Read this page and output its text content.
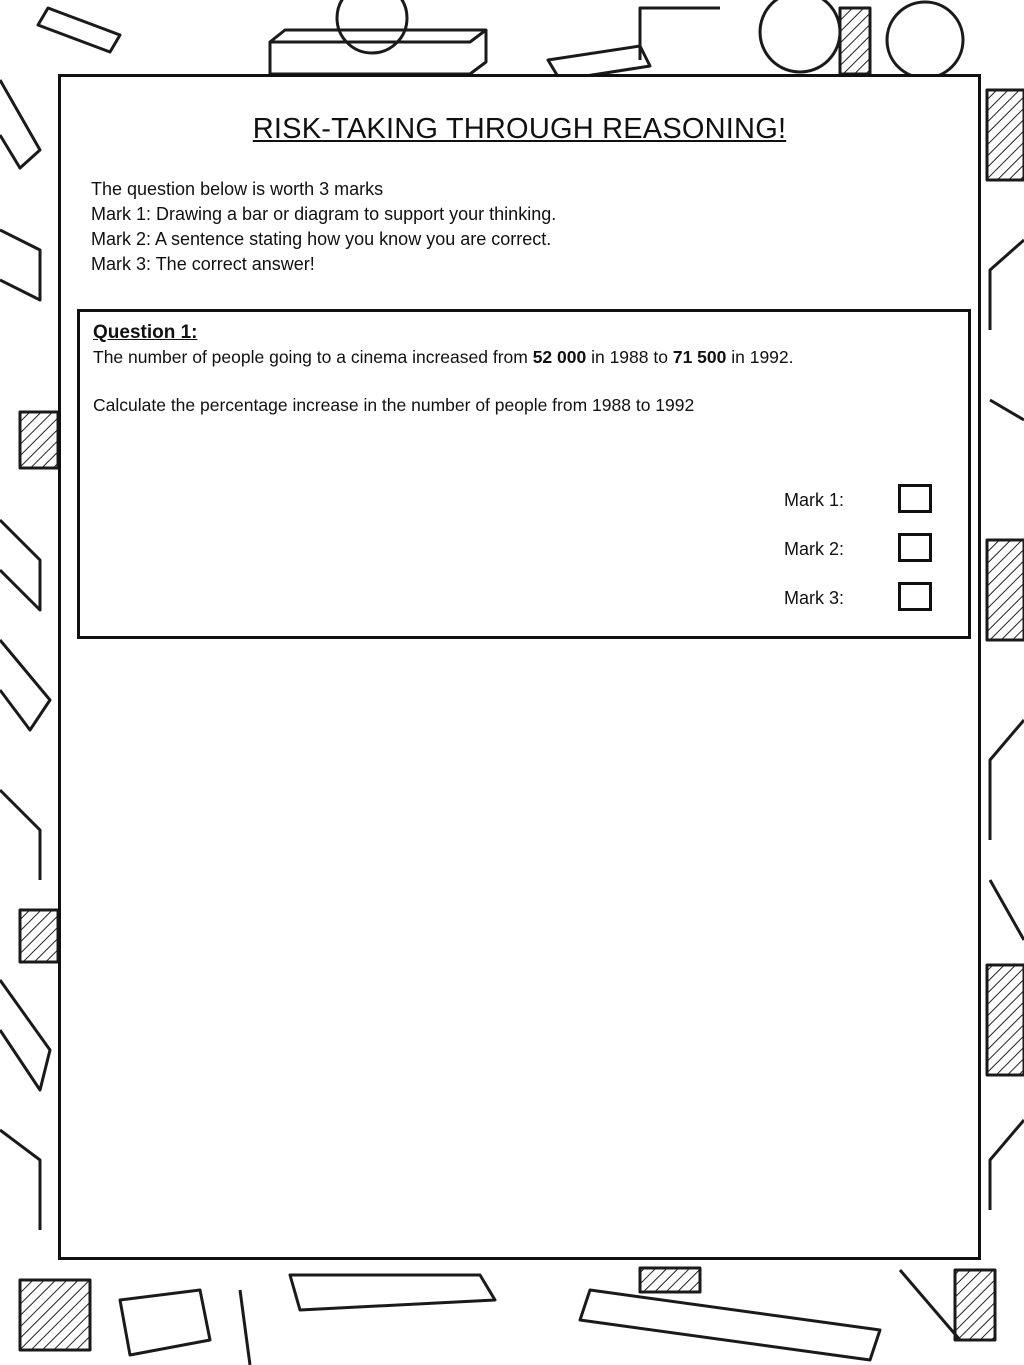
RISK-TAKING THROUGH REASONING!
The question below is worth 3 marks
Mark 1: Drawing a bar or diagram to support your thinking.
Mark 2: A sentence stating how you know you are correct.
Mark 3: The correct answer!
Question 1:
The number of people going to a cinema increased from 52 000 in 1988 to 71 500 in 1992.
Calculate the percentage increase in the number of people from 1988 to 1992
Mark 1:
Mark 2:
Mark 3:
